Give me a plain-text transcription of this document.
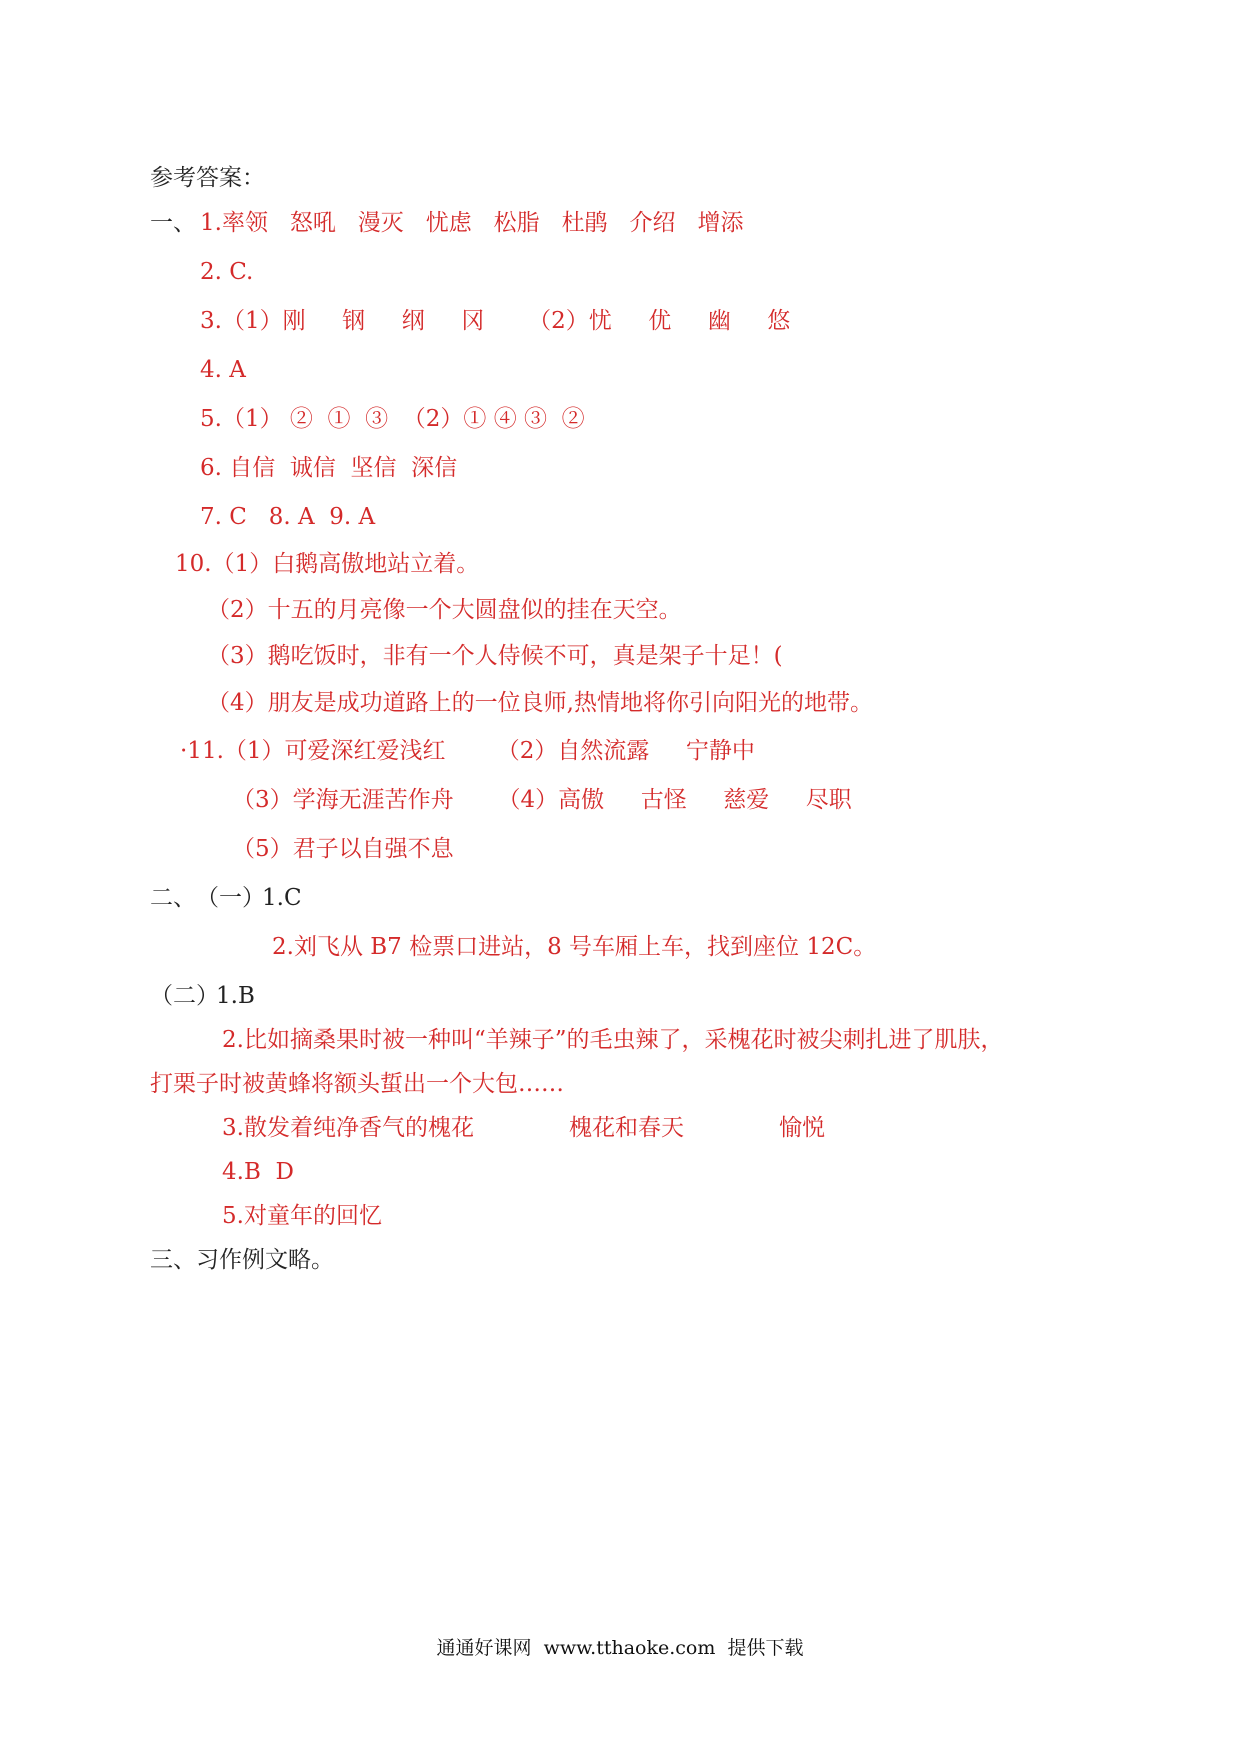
参考答案：
一、 1.率领   怒吼   漫灭   忧虑   松脂   杜鹃   介绍   增添
2. C.
3.（1）刚     钢     纲     冈      （2）忧     优     幽     悠
4. A
5.（1） ②  ①  ③  （2）① ④ ③  ②
6. 自信  诚信  坚信  深信
7. C   8. A  9. A
10.（1）白鹅高傲地站立着。
（2）十五的月亮像一个大圆盘似的挂在天空。
（3）鹅吃饭时，非有一个人侍候不可，真是架子十足！(
（4）朋友是成功道路上的一位良师,热情地将你引向阳光的地带。
·11.（1）可爱深红爱浅红       （2）自然流露     宁静中
（3）学海无涯苦作舟      （4）高傲     古怪     慈爱     尽职
（5）君子以自强不息
二、 （一）
1.C
2.刘飞从 B7 检票口进站，8 号车厢上车，找到座位 12C。
（二）
1.B
2.比如摘桑果时被一种叫“羊辣子”的毛虫辣了，采槐花时被尖刺扎进了肌肤，
打栗子时被黄蜂将额头蜇出一个大包……
3.散发着纯净香气的槐花             槐花和春天             愉悦
4.B  D
5.对童年的回忆
三、习作例文略。
通通好课网  www.tthaoke.com  提供下载
